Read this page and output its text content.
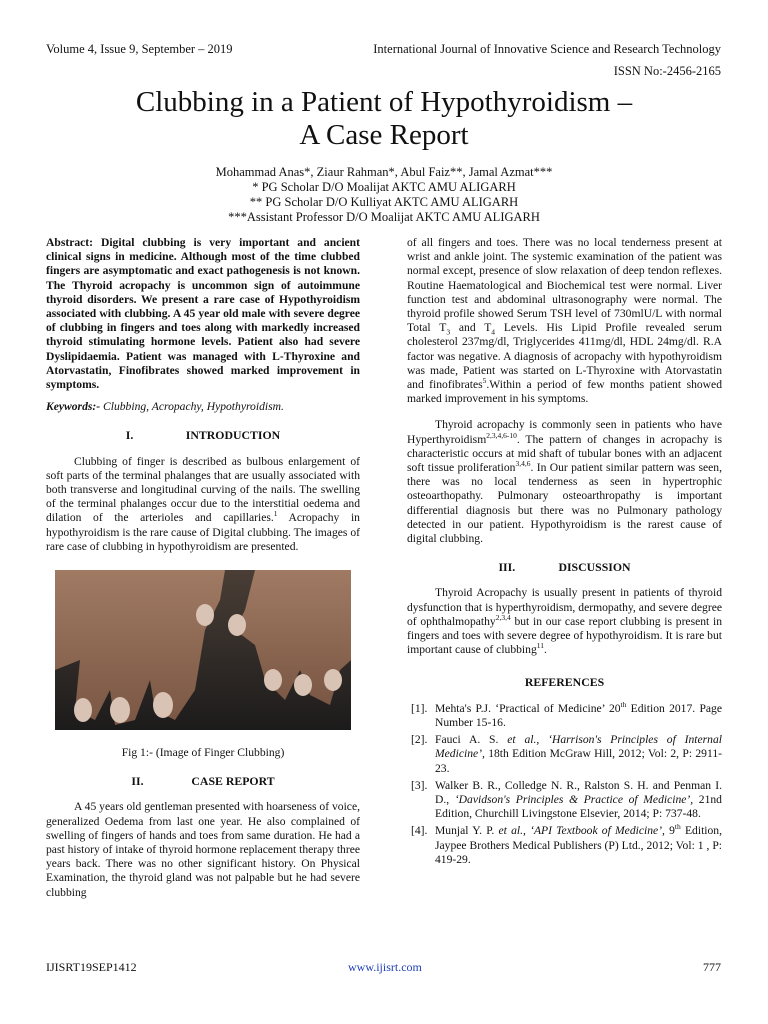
Volume 4, Issue 9, September – 2019	International Journal of Innovative Science and Research Technology
ISSN No:-2456-2165
Clubbing in a Patient of Hypothyroidism –
A Case Report
Mohammad Anas*, Ziaur Rahman*, Abul Faiz**, Jamal Azmat***
* PG Scholar D/O Moalijat AKTC AMU ALIGARH
** PG Scholar D/O Kulliyat AKTC AMU ALIGARH
***Assistant Professor D/O Moalijat AKTC AMU ALIGARH

Abstract: Digital clubbing is very important and ancient clinical signs in medicine. Although most of the time clubbed fingers are asymptomatic and exact pathogenesis is not known. The Thyroid acropachy is uncommon sign of autoimmune thyroid disorders. We present a rare case of Hypothyroidism associated with clubbing. A 45 year old male with severe degree of clubbing in fingers and toes along with markedly increased thyroid stimulating hormone levels. Patient also had severe Dyslipidaemia. Patient was managed with L-Thyroxine and Atorvastatin, Finofibrates showed marked improvement in symptoms.

Keywords:- Clubbing, Acropachy, Hypothyroidism.

I.	INTRODUCTION

Clubbing of finger is described as bulbous enlargement of soft parts of the terminal phalanges that are usually associated with both transverse and longitudinal curving of the nails. The swelling of the terminal phalanges occur due to the interstitial oedema and dilation of the arterioles and capillaries.$^1$ Acropachy in hypothyroidism is the rare cause of Digital clubbing. The images of rare case of clubbing in hypothyroidism are presented.

Fig 1:- (Image of Finger Clubbing)

II.	CASE REPORT

A 45 years old gentleman presented with hoarseness of voice, generalized Oedema from last one year. He also complained of swelling of fingers of hands and toes from same duration. He had a past history of intake of thyroid hormone replacement therapy three years back. There was no other significant history. On Physical Examination, the thyroid gland was not palpable but he had severe clubbing

of all fingers and toes. There was no local tenderness present at wrist and ankle joint. The systemic examination of the patient was normal except, presence of slow relaxation of deep tendon reflexes. Routine Haematological and Biochemical test were normal. Liver function test and abdominal ultrasonography were normal. The thyroid profile showed Serum TSH level of 730mlU/L with normal Total $T_3$ and $T_4$ Levels. His Lipid Profile revealed serum cholesterol 237mg/dl, Triglycerides 411mg/dl, HDL 24mg/dl. R.A factor was negative. A diagnosis of acropachy with hypothyroidism was made, Patient was started on L-Thyroxine with Atorvastatin and finofibrates$^5$.Within a period of few months patient showed marked improvement in his symptoms.

Thyroid acropachy is commonly seen in patients who have Hyperthyroidism$^{2,3,4,6-10}$. The pattern of changes in acropachy is characteristic occurs at mid shaft of tubular bones with an adjacent soft tissue proliferation$^{3,4,6}$. In Our patient similar pattern was seen, there was no local tenderness as seen in hypertrophic osteoarthopathy. Pulmonary osteoarthropathy is important differential diagnosis but there was no Pulmonary pathology detected in our patient. Hypothyroidism is the rarest cause of digital clubbing.

III.	DISCUSSION

Thyroid Acropachy is usually present in patients of thyroid dysfunction that is hyperthyroidism, dermopathy, and severe degree of ophthalmopathy$^{2,3,4}$ but in our case report clubbing is present in fingers and toes with severe degree of hypothyroidism. It is rare but important cause of clubbing$^{11}$.

REFERENCES

[1]. Mehta's P.J. ‘Practical of Medicine’ 20th Edition 2017. Page Number 15-16.
[2]. Fauci A. S. et al., ‘Harrison's Principles of Internal Medicine’, 18th Edition McGraw Hill, 2012; Vol: 2, P: 2911-23.
[3]. Walker B. R., Colledge N. R., Ralston S. H. and Penman I. D., ‘Davidson's Principles & Practice of Medicine’, 21nd Edition, Churchill Livingstone Elsevier, 2014; P: 737-48.
[4]. Munjal Y. P. et al., ‘API Textbook of Medicine’, 9th Edition, Jaypee Brothers Medical Publishers (P) Ltd., 2012; Vol: 1 , P: 419-29.
IJISRT19SEP1412	www.ijisrt.com	777
